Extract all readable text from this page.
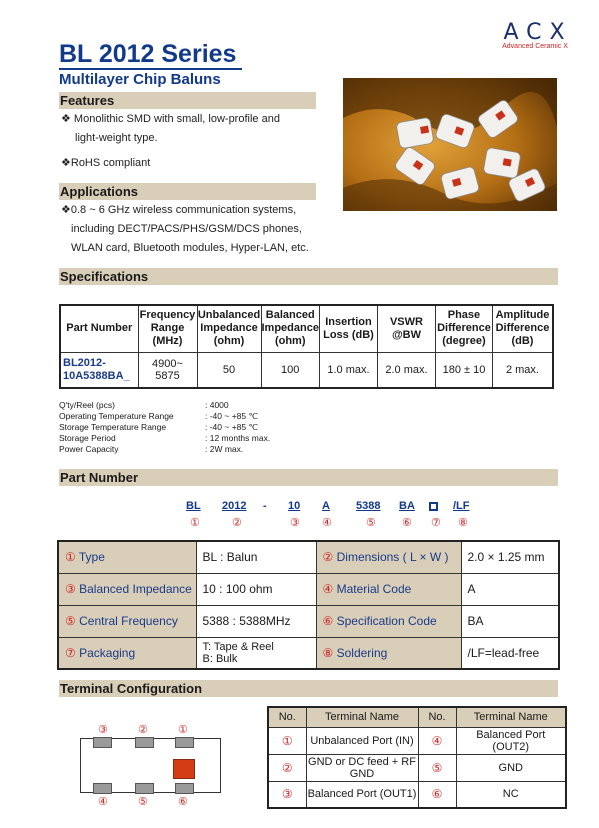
ACX
Advanced Ceramic X
BL 2012 Series
Multilayer Chip Baluns
Features
❖ Monolithic SMD with small, low-profile and
light-weight type.
❖RoHS compliant
Applications
❖0.8 ~ 6 GHz wireless communication systems,
including DECT/PACS/PHS/GSM/DCS phones,
WLAN card, Bluetooth modules, Hyper-LAN, etc.
Specifications
Part Number	Frequency Range (MHz)	Unbalanced Impedance (ohm)	Balanced Impedance (ohm)	Insertion Loss (dB)	VSWR @BW	Phase Difference (degree)	Amplitude Difference (dB)
BL2012-10A5388BA_	4900~ 5875	50	100	1.0 max.	2.0 max.	180 ± 10	2 max.
Q'ty/Reel (pcs)	: 4000
Operating Temperature Range	: -40 ~ +85 ℃
Storage Temperature Range	: -40 ~ +85 ℃
Storage Period	: 12 months max.
Power Capacity	: 2W max.
Part Number
BL 2012 - 10 A 5388 BA	/LF
①	②	③ ④	⑤ ⑥ ⑦ ⑧
① Type	BL : Balun	② Dimensions ( L × W )	2.0 × 1.25 mm
③ Balanced Impedance	10 : 100 ohm	④ Material Code	A
⑤ Central Frequency	5388 : 5388MHz	⑥ Specification Code	BA
⑦ Packaging	T: Tape & Reel
B: Bulk	⑧ Soldering	/LF=lead-free
Terminal Configuration
③	②	①
④	⑤	⑥
No.	Terminal Name	No.	Terminal Name
①	Unbalanced Port (IN)	④	Balanced Port (OUT2)
②	GND or DC feed + RF GND	⑤	GND
③	Balanced Port (OUT1)	⑥	NC
